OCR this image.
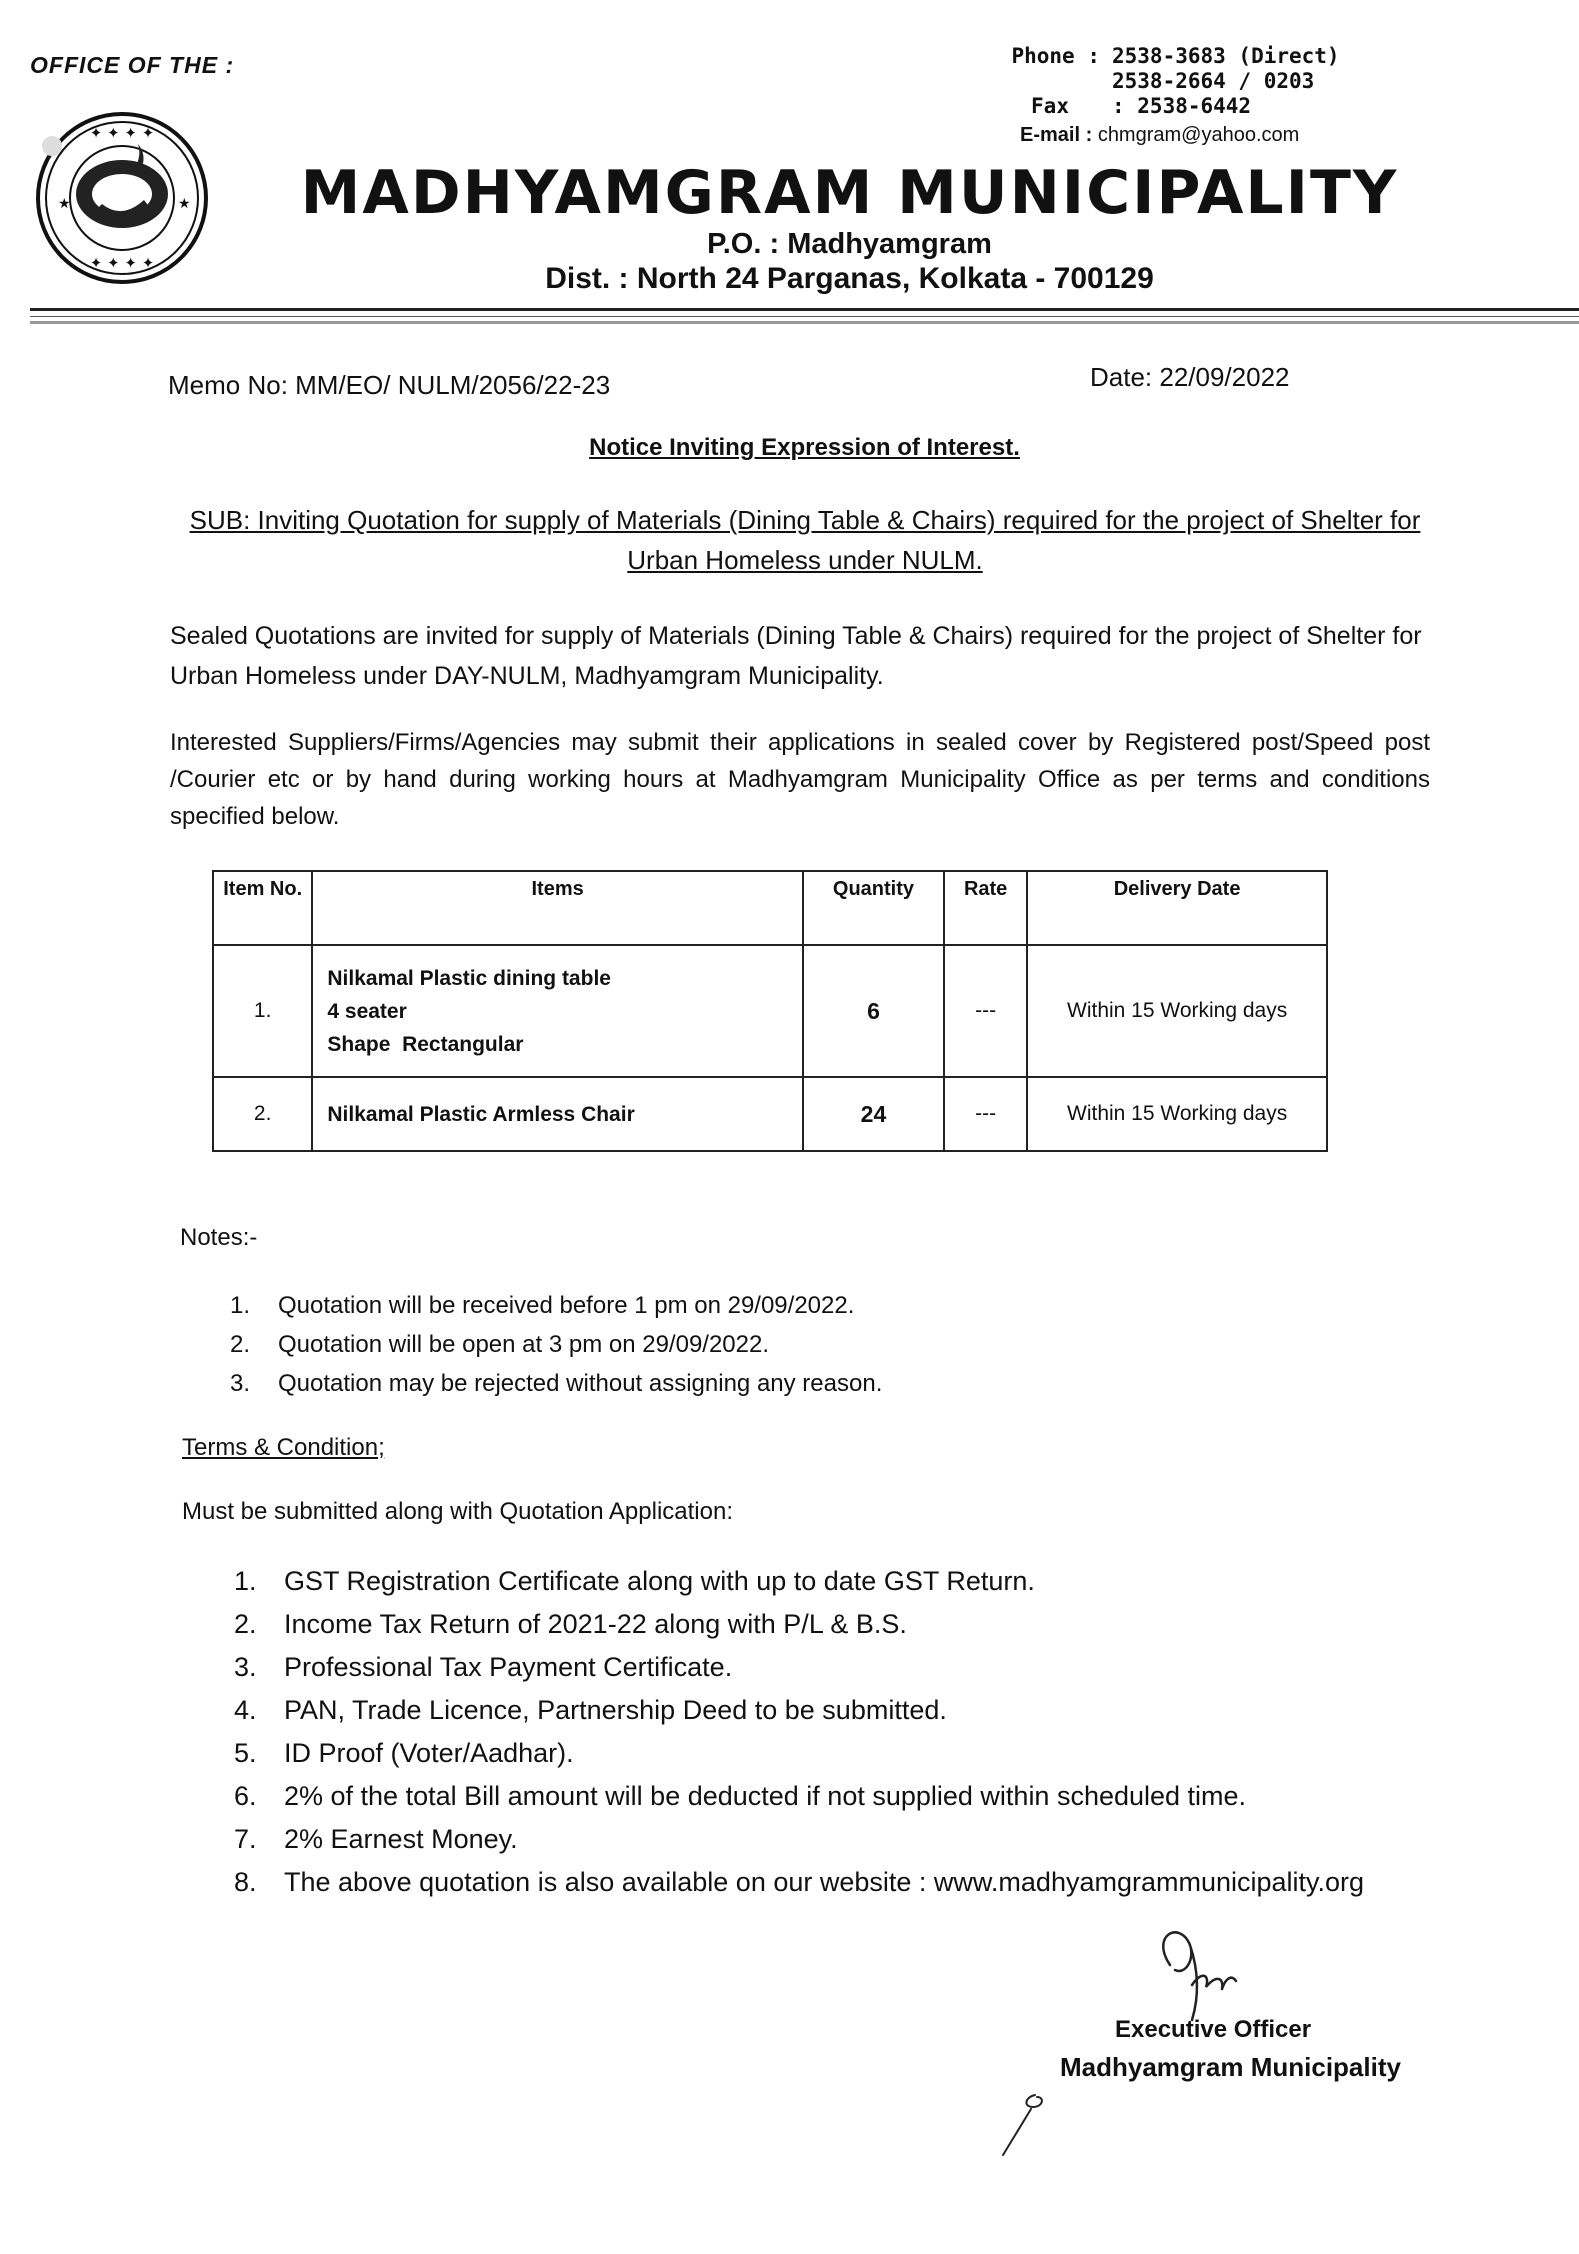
OFFICE OF THE :	Phone : 2538-3683 (Direct)
2538-2664 / 0203
Fax	: 2538-6442
E-mail : chmgram@yahoo.com
✦ ✦ ✦ ✦
✦ ✦ ✦ ✦
★	★	MADHYAMGRAM MUNICIPALITY
P.O. : Madhyamgram
Dist. : North 24 Parganas, Kolkata - 700129
Memo No: MM/EO/ NULM/2056/22-23	Date: 22/09/2022
Notice Inviting Expression of Interest.
SUB: Inviting Quotation for supply of Materials (Dining Table & Chairs) required for the project of Shelter for Urban Homeless under NULM.
Sealed Quotations are invited for supply of Materials (Dining Table & Chairs) required for the project of Shelter for Urban Homeless under DAY-NULM, Madhyamgram Municipality.
Interested Suppliers/Firms/Agencies may submit their applications in sealed cover by Registered post/Speed post /Courier etc or by hand during working hours at Madhyamgram Municipality Office as per terms and conditions specified below.
Item No.	Items	Quantity	Rate	Delivery Date
1.	Nilkamal Plastic dining table
4 seater
Shape  Rectangular	6	---	Within 15 Working days
2.	Nilkamal Plastic Armless Chair	24	---	Within 15 Working days
Notes:-
1. Quotation will be received before 1 pm on 29/09/2022.
2. Quotation will be open at 3 pm on 29/09/2022.
3. Quotation may be rejected without assigning any reason.
Terms & Condition;
Must be submitted along with Quotation Application:
1. GST Registration Certificate along with up to date GST Return.
2. Income Tax Return of 2021-22 along with P/L & B.S.
3. Professional Tax Payment Certificate.
4. PAN, Trade Licence, Partnership Deed to be submitted.
5. ID Proof (Voter/Aadhar).
6. 2% of the total Bill amount will be deducted if not supplied within scheduled time.
7. 2% Earnest Money.
8. The above quotation is also available on our website : www.madhyamgrammunicipality.org
Executive Officer
Madhyamgram Municipality
